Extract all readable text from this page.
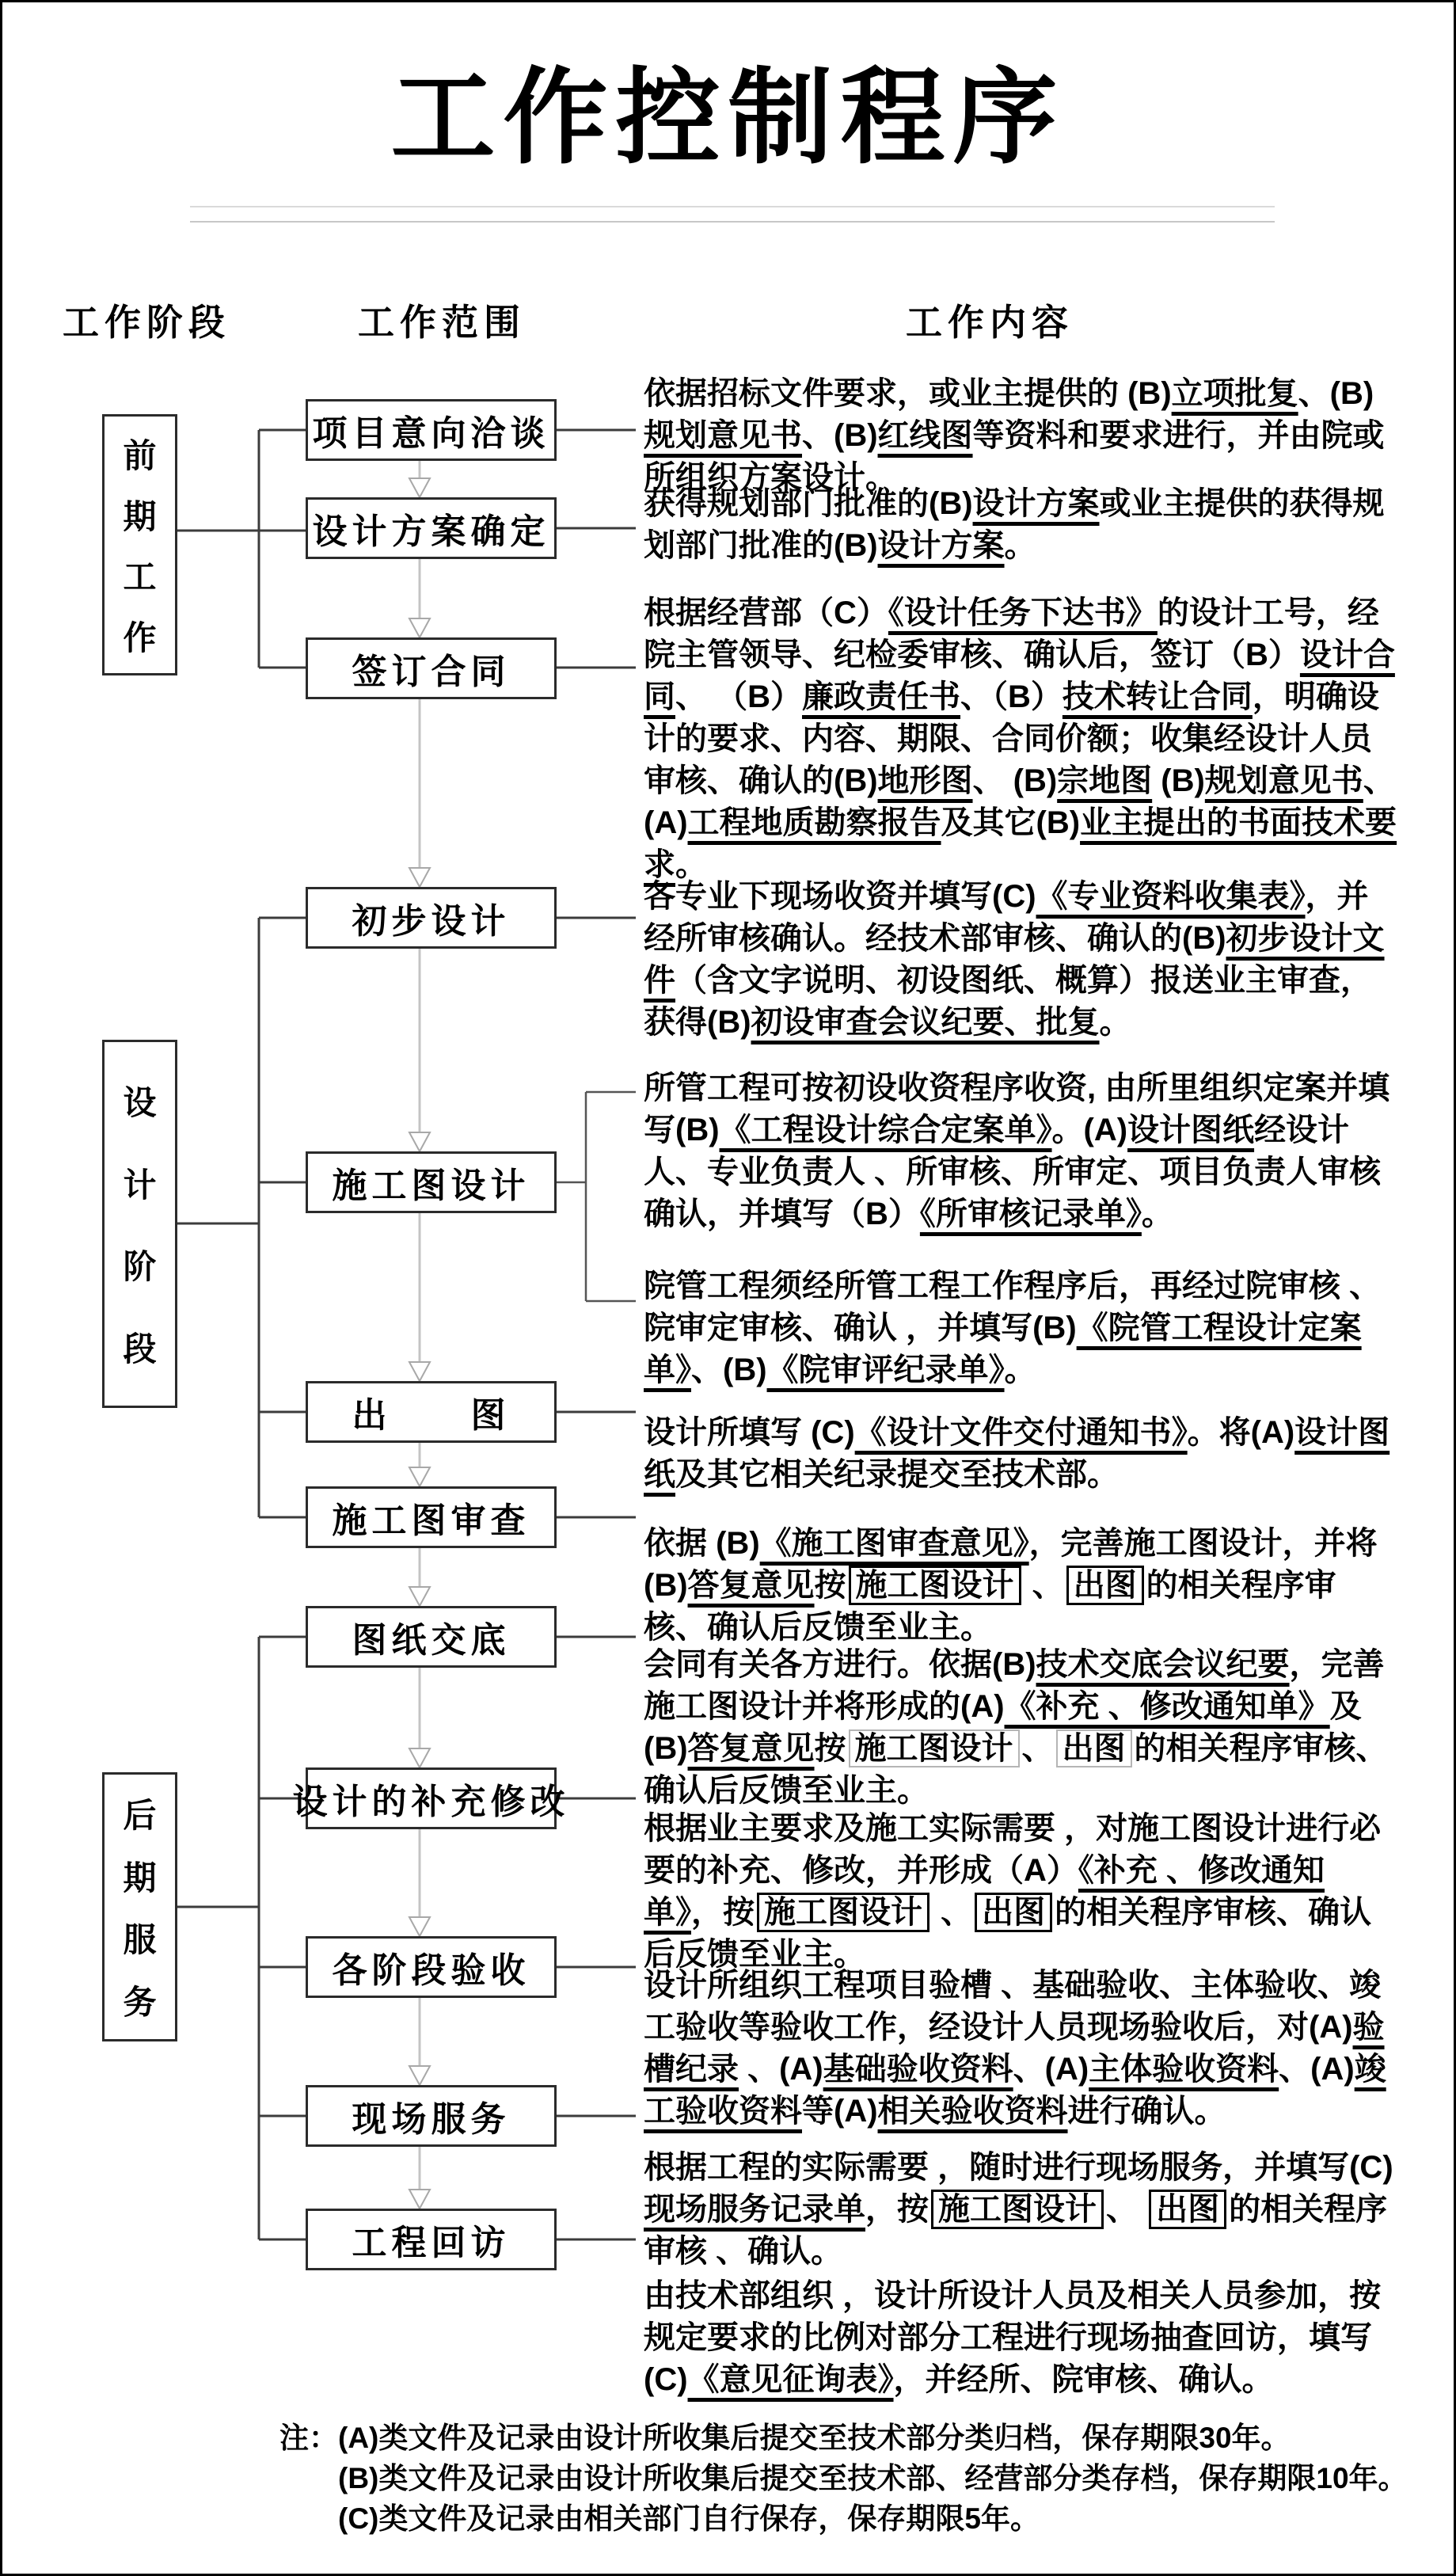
工作控制程序
工作阶段	工作范围	工作内容
前
期
工
作
设
计
阶
段
后
期
服
务
项目意向洽谈
设计方案确定
签订合同
初步设计
施工图设计
出　　图
施工图审查
图纸交底
设计的补充修改
各阶段验收
现场服务
工程回访
依据招标文件要求，或业主提供的 (B)立项批复、(B)规划意见书、(B)红线图等资料和要求进行，并由院或所组织方案设计。
获得规划部门批准的(B)设计方案或业主提供的获得规划部门批准的(B)设计方案。
根据经营部（C）《设计任务下达书》的设计工号，经院主管领导、纪检委审核、确认后，签订（B）设计合同、 （B）廉政责任书、（B）技术转让合同，明确设计的要求、内容、期限、合同价额；收集经设计人员审核、确认的(B)地形图、 (B)宗地图 (B)规划意见书、(A)工程地质勘察报告及其它(B)业主提出的书面技术要求。
各专业下现场收资并填写(C)《专业资料收集表》，并经所审核确认。经技术部审核、确认的(B)初步设计文件（含文字说明、初设图纸、概算）报送业主审查，获得(B)初设审查会议纪要、批复。
所管工程可按初设收资程序收资, 由所里组织定案并填写(B)《工程设计综合定案单》。(A)设计图纸经设计人、专业负责人 、所审核、所审定、项目负责人审核确认，并填写（B）《所审核记录单》。
院管工程须经所管工程工作程序后，再经过院审核 、院审定审核、确认 ，并填写(B)《院管工程设计定案单》、(B)《院审评纪录单》。
设计所填写 (C)《设计文件交付通知书》。将(A)设计图纸及其它相关纪录提交至技术部。
依据 (B)《施工图审查意见》，完善施工图设计，并将(B)答复意见按 施工图设计 、 出图 的相关程序审核、确认后反馈至业主。
会同有关各方进行。依据(B)技术交底会议纪要，完善施工图设计并将形成的(A)《补充 、修改通知单》及(B)答复意见按 施工图设计 、 出图 的相关程序审核、确认后反馈至业主。
根据业主要求及施工实际需要 ，对施工图设计进行必要的补充、修改，并形成（A）《补充 、修改通知单》，按 施工图设计 、 出图 的相关程序审核、确认后反馈至业主。
设计所组织工程项目验槽 、基础验收、主体验收、竣工验收等验收工作，经设计人员现场验收后，对(A)验槽纪录 、(A)基础验收资料、(A)主体验收资料、(A)竣工验收资料等(A)相关验收资料进行确认。
根据工程的实际需要 ，随时进行现场服务，并填写(C)现场服务记录单，按 施工图设计 、 出图 的相关程序审核 、确认。
由技术部组织 ，设计所设计人员及相关人员参加，按规定要求的比例对部分工程进行现场抽查回访，填写 (C)《意见征询表》，并经所、院审核、确认。
注：(A)类文件及记录由设计所收集后提交至技术部分类归档，保存期限30年。
(B)类文件及记录由设计所收集后提交至技术部、经营部分类存档，保存期限10年。
(C)类文件及记录由相关部门自行保存，保存期限5年。
